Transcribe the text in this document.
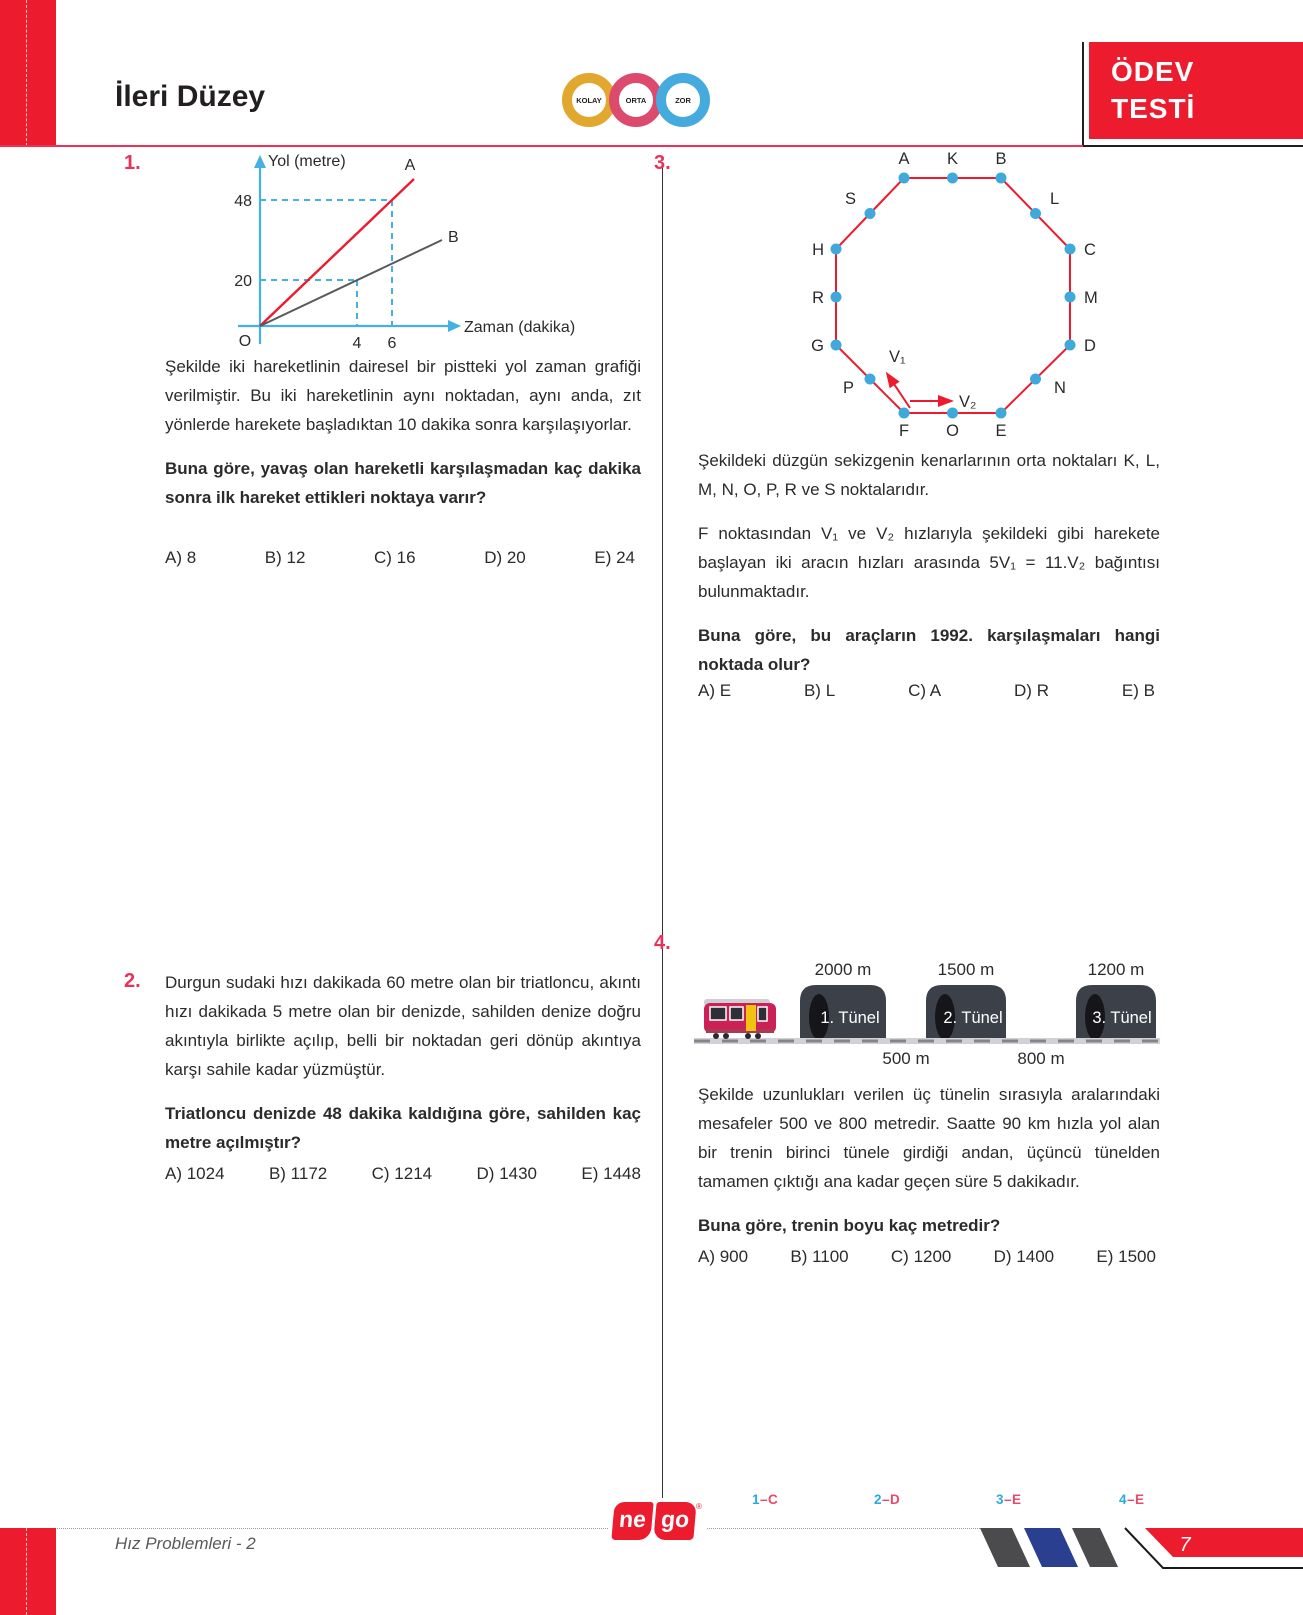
İleri Düzey	KOLAY	ORTA	ZOR
ÖDEV
TESTİ
1.	Yol (metre)
Zaman (dakika)
48
20
4 6
O
A
B

Şekilde iki hareketlinin dairesel bir pistteki yol zaman grafiği verilmiştir. Bu iki hareketlinin aynı noktadan, aynı anda, zıt yönlerde harekete başladıktan 10 dakika sonra karşılaşıyorlar.

Buna göre, yavaş olan hareketli karşılaşmadan kaç dakika sonra ilk hareket ettikleri noktaya varır?

A) 8	B) 12	C) 16	D) 20	E) 24
2. Durgun sudaki hızı dakikada 60 metre olan bir triatloncu, akıntı hızı dakikada 5 metre olan bir denizde, sahilden denize doğru akıntıyla birlikte açılıp, belli bir noktadan geri dönüp akıntıya karşı sahile kadar yüzmüştür.

Triatloncu denizde 48 dakika kaldığına göre, sahilden kaç metre açılmıştır?

A) 1024	B) 1172	C) 1214	D) 1430	E) 1448
3.	A K B
S	L
H	C
R	M
G	D
P	N
F O E
V₁
V₂

Şekildeki düzgün sekizgenin kenarlarının orta noktaları K, L, M, N, O, P, R ve S noktalarıdır.

F noktasından V₁ ve V₂ hızlarıyla şekildeki gibi harekete başlayan iki aracın hızları arasında 5V₁ = 11.V₂ bağıntısı bulunmaktadır.

Buna göre, bu araçların 1992. karşılaşmaları hangi noktada olur?

A) E	B) L	C) A	D) R	E) B
4.
2000 m	1500 m	1200 m
500 m	800 m
1. Tünel	2. Tünel	3. Tünel

Şekilde uzunlukları verilen üç tünelin sırasıyla aralarındaki mesafeler 500 ve 800 metredir. Saatte 90 km hızla yol alan bir trenin birinci tünele girdiği andan, üçüncü tünelden tamamen çıktığı ana kadar geçen süre 5 dakikadır.

Buna göre, trenin boyu kaç metredir?

A) 900 B) 1100 C) 1200 D) 1400 E) 1500
1–C	2–D	3–E	4–E
ne go ®
Hız Problemleri - 2	7
